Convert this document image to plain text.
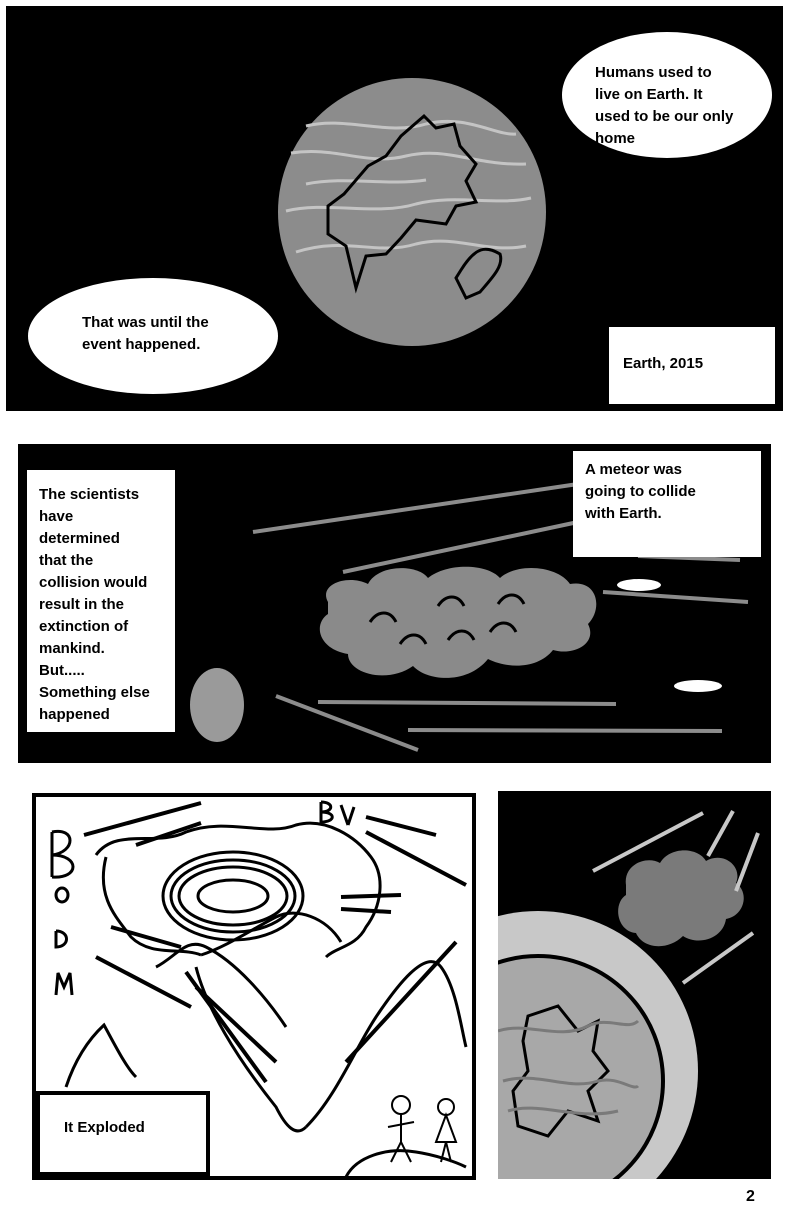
Humans used to
live on Earth. It
used to be our only
home
That was until the
event happened.
Earth, 2015
The scientists
have
determined
that the
collision would
result in the
extinction of
mankind.
But.....
Something else
happened
A meteor was
going to collide
with Earth.
It Exploded
2
